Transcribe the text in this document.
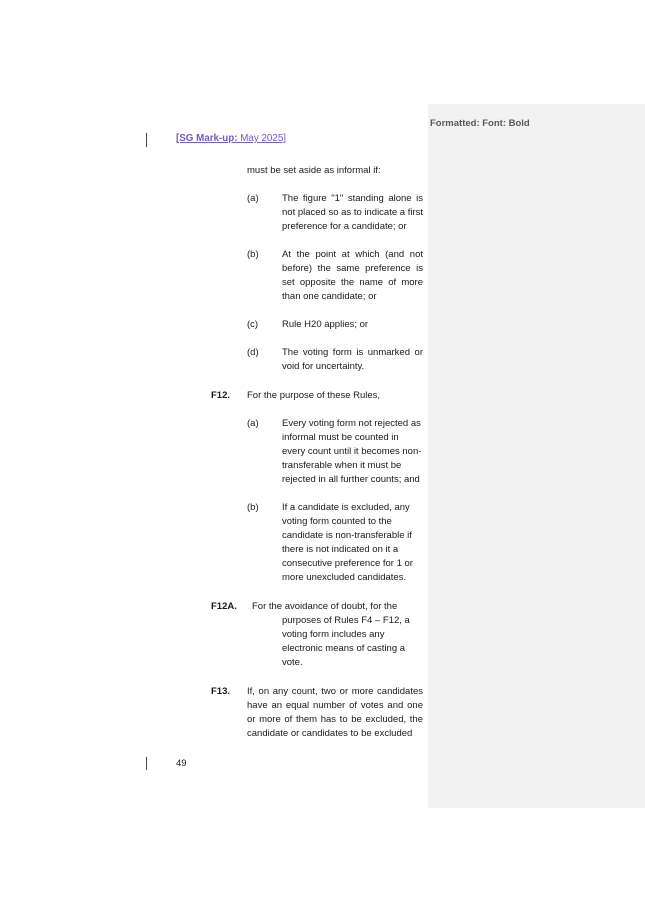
Formatted: Font: Bold
[SG Mark-up: May 2025]
must be set aside as informal if:
(a) The figure "1" standing alone is not placed so as to indicate a first preference for a candidate; or
(b) At the point at which (and not before) the same preference is set opposite the name of more than one candidate; or
(c)	Rule H20 applies; or
(d) The voting form is unmarked or void for uncertainty.
F12. For the purpose of these Rules,
(a) Every voting form not rejected as informal must be counted in every count until it becomes non-transferable when it must be rejected in all further counts; and
(b) If a candidate is excluded, any voting form counted to the candidate is non-transferable if there is not indicated on it a consecutive preference for 1 or more unexcluded candidates.
F12A. For the avoidance of doubt, for the
purposes of Rules F4 – F12, a voting form includes any electronic means of casting a vote.
F13. If, on any count, two or more candidates have an equal number of votes and one or more of them has to be excluded, the candidate or candidates to be excluded
49
